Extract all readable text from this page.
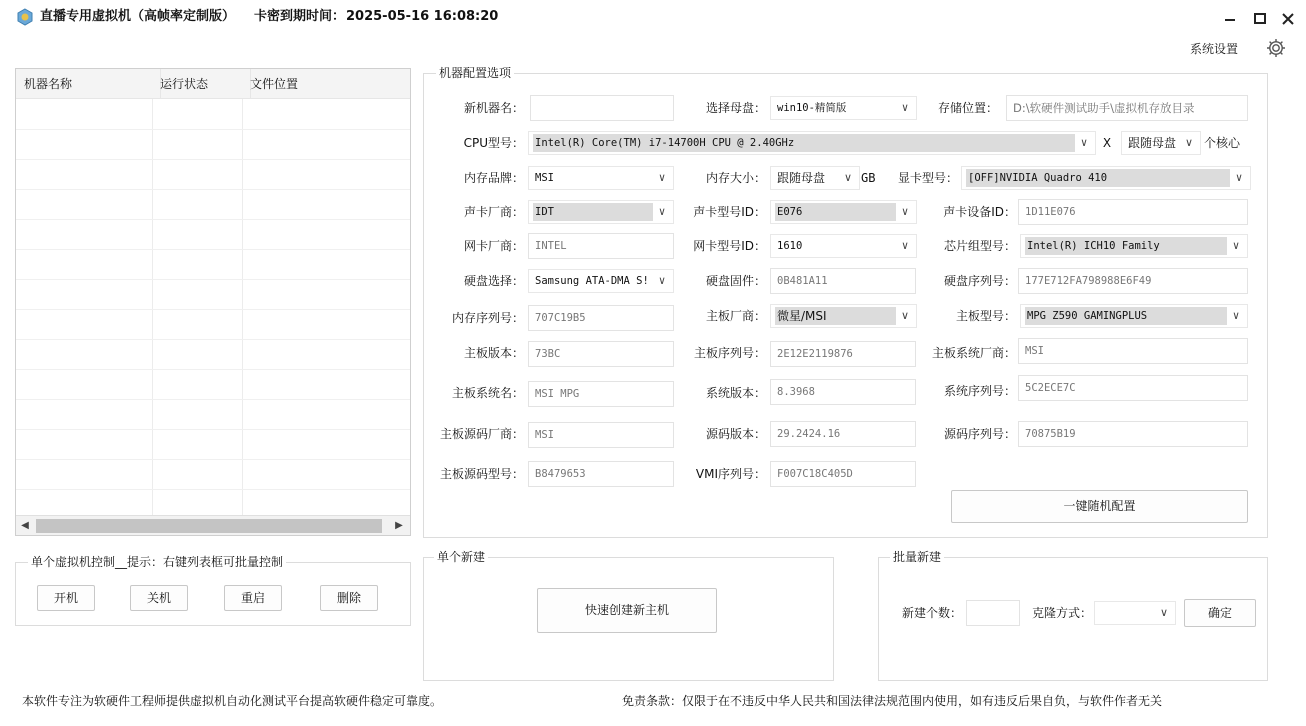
直播专用虚拟机（高帧率定制版） 卡密到期时间： 2025-05-16 16:08:20
系统设置
机器名称	运行状态	文件位置
◀	▶
机器配置选项
新机器名：	选择母盘： win10-精简版	∨	存储位置：	D:\软硬件测试助手\虚拟机存放目录
CPU型号： Intel(R) Core(TM) i7-14700H CPU @ 2.40GHz	∨	X	跟随母盘 ∨ 个核心
内存品牌： MSI	∨	内存大小： 跟随母盘	∨ GB	显卡型号： [OFF]NVIDIA Quadro 410	∨
声卡厂商： IDT	∨	声卡型号ID： E076	∨	声卡设备ID： 1D11E076
网卡厂商：	INTEL	网卡型号ID： 1610	∨	芯片组型号： Intel(R) ICH10 Family	∨
硬盘选择： Samsung ATA-DMA S! ∨	硬盘固件：	0B481A11	硬盘序列号： 177E712FA798988E6F49
内存序列号：	707C19B5	主板厂商： 微星/MSI	∨	主板型号： MPG Z590 GAMINGPLUS	∨
主板版本：	73BC	主板序列号：	2E12E2119876	主板系统厂商： MSI
主板系统名：	MSI MPG	系统版本：	8.3968	系统序列号： 5C2ECE7C
主板源码厂商：	MSI	源码版本：	29.2424.16	源码序列号： 70875B19
主板源码型号：	B8479653	VMI序列号：	F007C18C405D
一键随机配置
单个虚拟机控制__提示：右键列表框可批量控制
开机	关机	重启	删除
单个新建
快速创建新主机
批量新建
新建个数：	克隆方式：	∨	确定
本软件专注为软硬件工程师提供虚拟机自动化测试平台提高软硬件稳定可靠度。	免责条款：仅限于在不违反中华人民共和国法律法规范围内使用，如有违反后果自负，与软件作者无关
